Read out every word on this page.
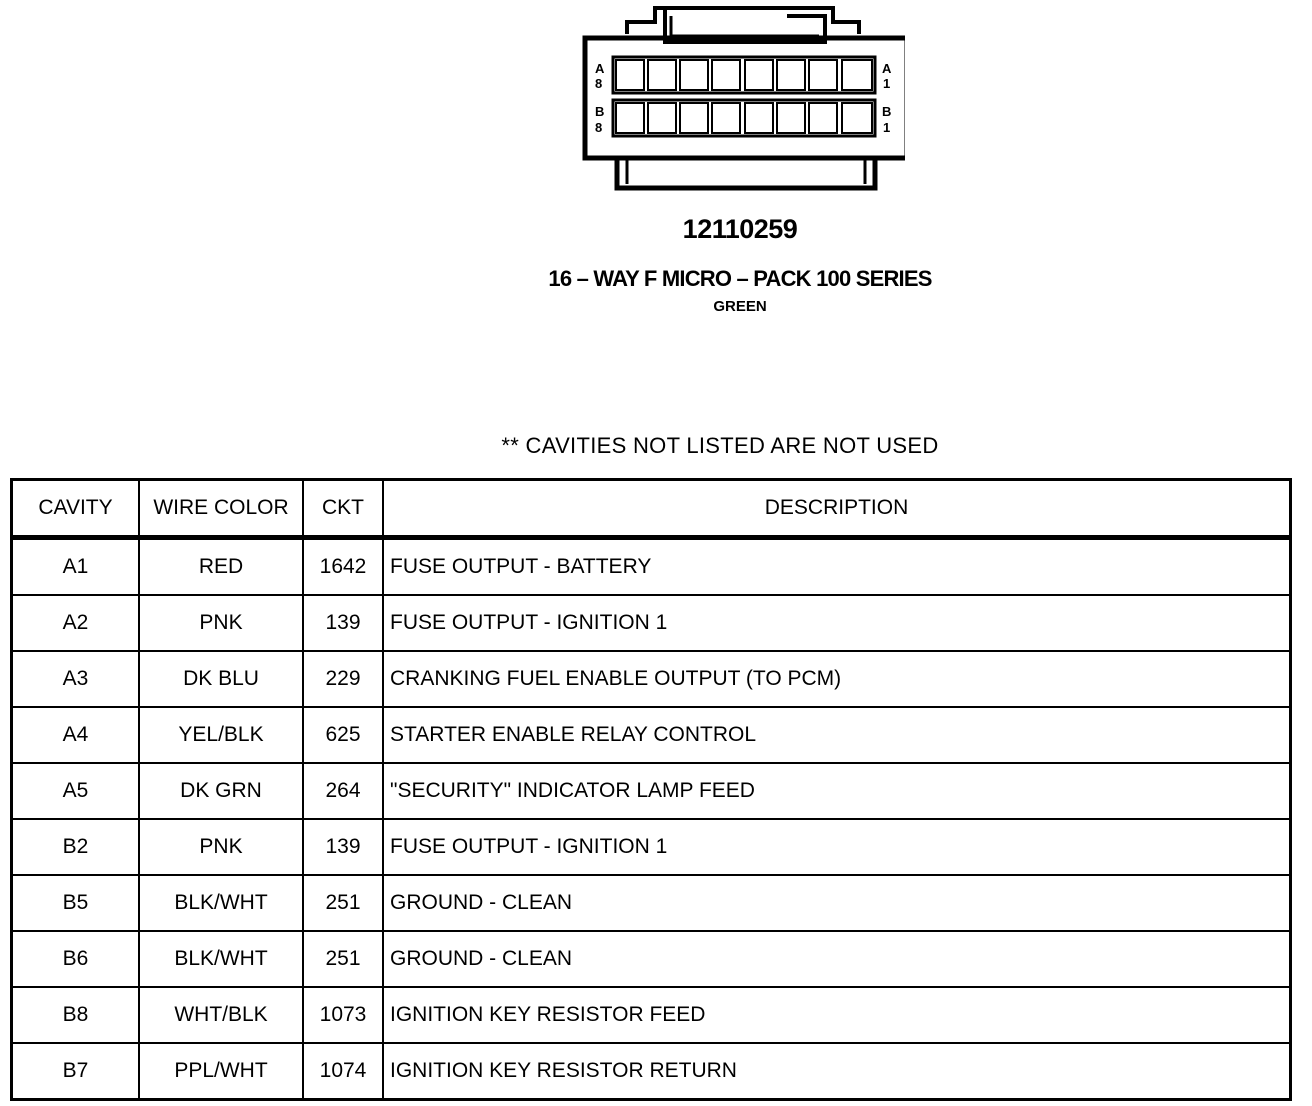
A
8
A
1
B
8
B
1
12110259
16 – WAY F MICRO – PACK 100 SERIES
GREEN
** CAVITIES NOT LISTED ARE NOT USED
CAVITY	WIRE COLOR	CKT	DESCRIPTION
A1	RED	1642	FUSE OUTPUT - BATTERY
A2	PNK	139	FUSE OUTPUT - IGNITION 1
A3	DK BLU	229	CRANKING FUEL ENABLE OUTPUT (TO PCM)
A4	YEL/BLK	625	STARTER ENABLE RELAY CONTROL
A5	DK GRN	264	"SECURITY" INDICATOR LAMP FEED
B2	PNK	139	FUSE OUTPUT - IGNITION 1
B5	BLK/WHT	251	GROUND - CLEAN
B6	BLK/WHT	251	GROUND - CLEAN
B8	WHT/BLK	1073	IGNITION KEY RESISTOR FEED
B7	PPL/WHT	1074	IGNITION KEY RESISTOR RETURN
